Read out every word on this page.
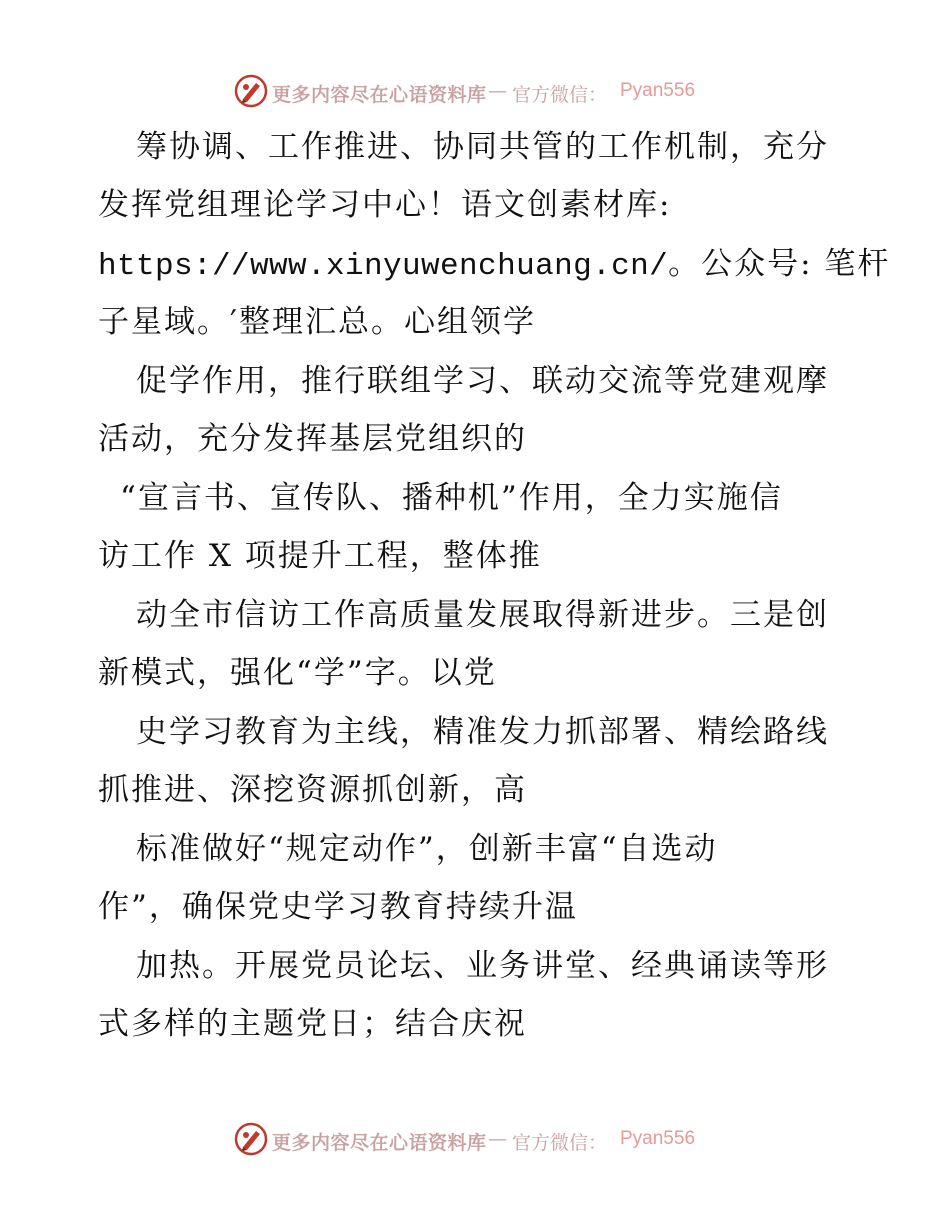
更多内容尽在心语资料库 — 官方微信： Pyan556
筹协调、工作推进、协同共管的工作机制，充分
发挥党组理论学习中心！语文创素材库:
https://www.xinyuwenchuang.cn/。公众号: 笔杆
子星域。′整理汇总。心组领学
促学作用，推行联组学习、联动交流等党建观摩
活动，充分发挥基层党组织的
“宣言书、宣传队、播种机”作用，全力实施信
访工作 X 项提升工程，整体推
动全市信访工作高质量发展取得新进步。三是创
新模式，强化“学”字。以党
史学习教育为主线，精准发力抓部署、精绘路线
抓推进、深挖资源抓创新，高
标准做好“规定动作”，创新丰富“自选动
作”，确保党史学习教育持续升温
加热。开展党员论坛、业务讲堂、经典诵读等形
式多样的主题党日；结合庆祝
更多内容尽在心语资料库 — 官方微信： Pyan556
